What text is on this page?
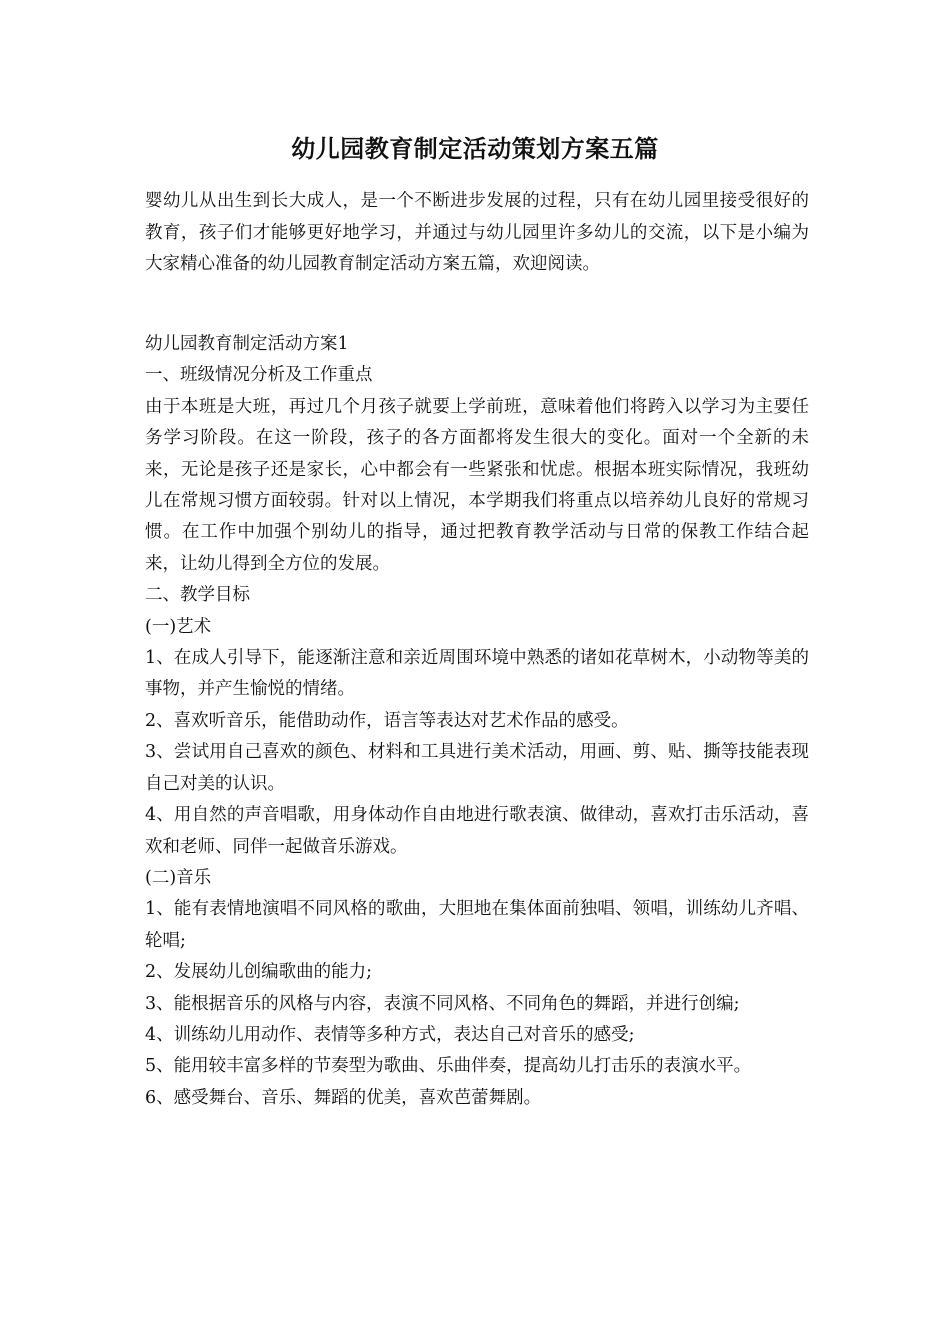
幼儿园教育制定活动策划方案五篇

婴幼儿从出生到长大成人，是一个不断进步发展的过程，只有在幼儿园里接受很好的教育，孩子们才能够更好地学习，并通过与幼儿园里许多幼儿的交流，以下是小编为大家精心准备的幼儿园教育制定活动方案五篇，欢迎阅读。

幼儿园教育制定活动方案1

一、班级情况分析及工作重点

由于本班是大班，再过几个月孩子就要上学前班，意味着他们将跨入以学习为主要任务学习阶段。在这一阶段，孩子的各方面都将发生很大的变化。面对一个全新的未来，无论是孩子还是家长，心中都会有一些紧张和忧虑。根据本班实际情况，我班幼儿在常规习惯方面较弱。针对以上情况，本学期我们将重点以培养幼儿良好的常规习惯。在工作中加强个别幼儿的指导，通过把教育教学活动与日常的保教工作结合起来，让幼儿得到全方位的发展。

二、教学目标

(一)艺术

1、在成人引导下，能逐渐注意和亲近周围环境中熟悉的诸如花草树木，小动物等美的事物，并产生愉悦的情绪。

2、喜欢听音乐，能借助动作，语言等表达对艺术作品的感受。

3、尝试用自己喜欢的颜色、材料和工具进行美术活动，用画、剪、贴、撕等技能表现自己对美的认识。

4、用自然的声音唱歌，用身体动作自由地进行歌表演、做律动，喜欢打击乐活动，喜欢和老师、同伴一起做音乐游戏。

(二)音乐

1、能有表情地演唱不同风格的歌曲，大胆地在集体面前独唱、领唱，训练幼儿齐唱、轮唱;

2、发展幼儿创编歌曲的能力;

3、能根据音乐的风格与内容，表演不同风格、不同角色的舞蹈，并进行创编;

4、训练幼儿用动作、表情等多种方式，表达自己对音乐的感受;

5、能用较丰富多样的节奏型为歌曲、乐曲伴奏，提高幼儿打击乐的表演水平。

6、感受舞台、音乐、舞蹈的优美，喜欢芭蕾舞剧。
